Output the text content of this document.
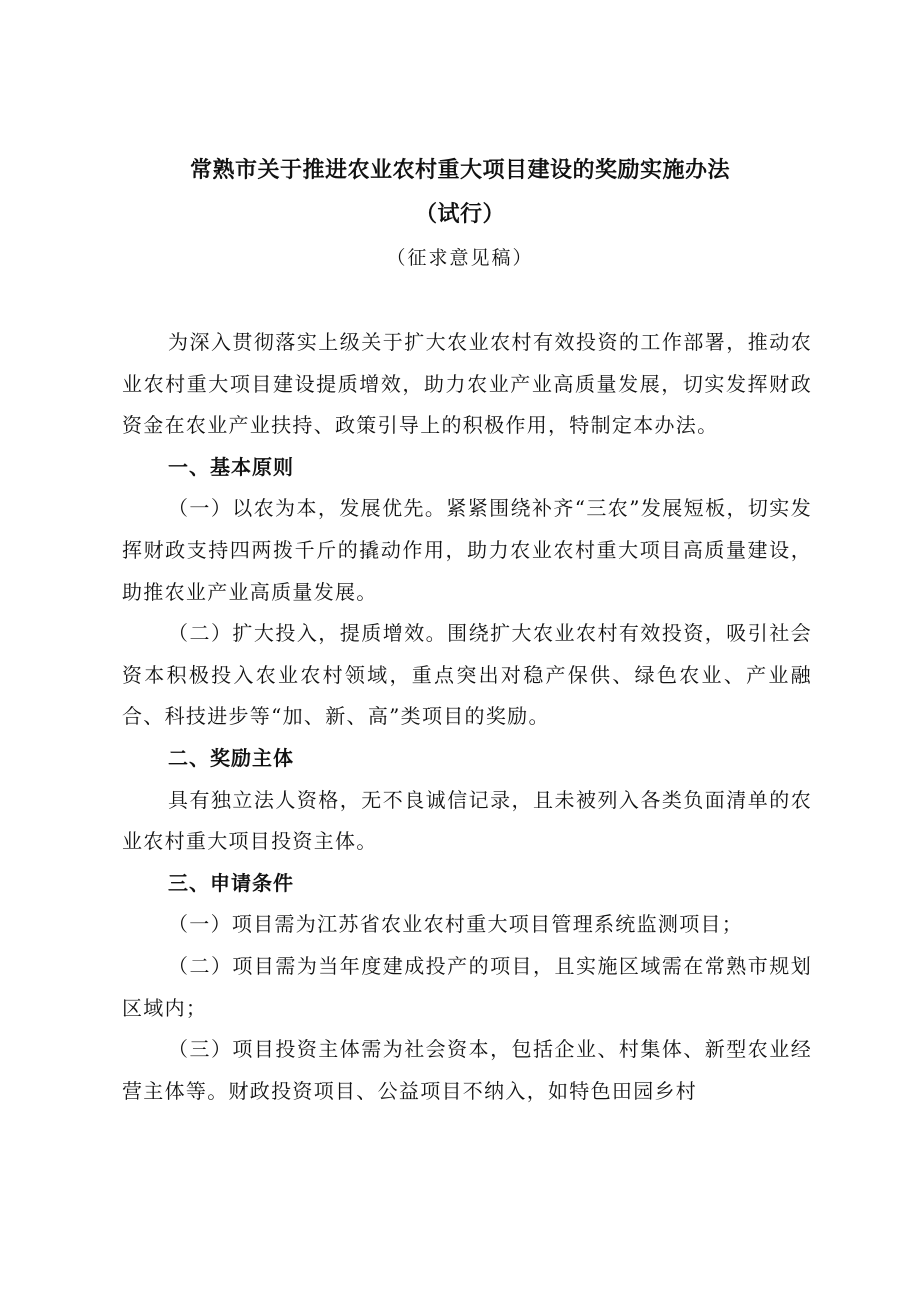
常熟市关于推进农业农村重大项目建设的奖励实施办法
（试行）
（征求意见稿）

为深入贯彻落实上级关于扩大农业农村有效投资的工作部署，推动农业农村重大项目建设提质增效，助力农业产业高质量发展，切实发挥财政资金在农业产业扶持、政策引导上的积极作用，特制定本办法。

一、基本原则

（一）以农为本，发展优先。紧紧围绕补齐“三农”发展短板，切实发挥财政支持四两拨千斤的撬动作用，助力农业农村重大项目高质量建设，助推农业产业高质量发展。

（二）扩大投入，提质增效。围绕扩大农业农村有效投资，吸引社会资本积极投入农业农村领域，重点突出对稳产保供、绿色农业、产业融合、科技进步等“加、新、高”类项目的奖励。

二、奖励主体

具有独立法人资格，无不良诚信记录，且未被列入各类负面清单的农业农村重大项目投资主体。

三、申请条件

（一）项目需为江苏省农业农村重大项目管理系统监测项目；

（二）项目需为当年度建成投产的项目，且实施区域需在常熟市规划区域内；

（三）项目投资主体需为社会资本，包括企业、村集体、新型农业经营主体等。财政投资项目、公益项目不纳入，如特色田园乡村
